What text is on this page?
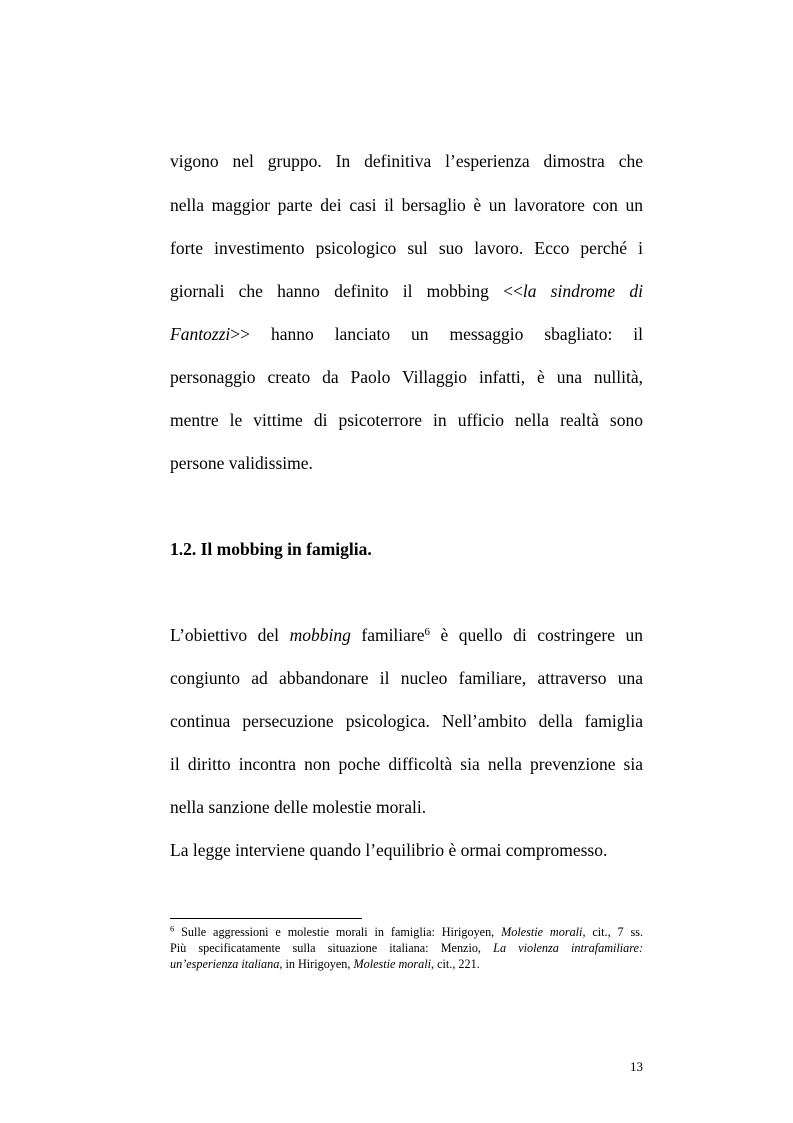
vigono nel gruppo. In definitiva l’esperienza dimostra che
nella maggior parte dei casi il bersaglio è un lavoratore con un
forte investimento psicologico sul suo lavoro. Ecco perché i
giornali che hanno definito il mobbing <<la sindrome di
Fantozzi>> hanno lanciato un messaggio sbagliato: il
personaggio creato da Paolo Villaggio infatti, è una nullità,
mentre le vittime di psicoterrore in ufficio nella realtà sono
persone validissime.
1.2. Il mobbing in famiglia.
L’obiettivo del mobbing familiare$^6$ è quello di costringere un
congiunto ad abbandonare il nucleo familiare, attraverso una
continua persecuzione psicologica. Nell’ambito della famiglia
il diritto incontra non poche difficoltà sia nella prevenzione sia
nella sanzione delle molestie morali.
La legge interviene quando l’equilibrio è ormai compromesso.
$^6$ Sulle aggressioni e molestie morali in famiglia: Hirigoyen, Molestie morali, cit., 7 ss.
Più specificatamente sulla situazione italiana: Menzio, La violenza intrafamiliare:
un’esperienza italiana, in Hirigoyen, Molestie morali, cit., 221.
13
